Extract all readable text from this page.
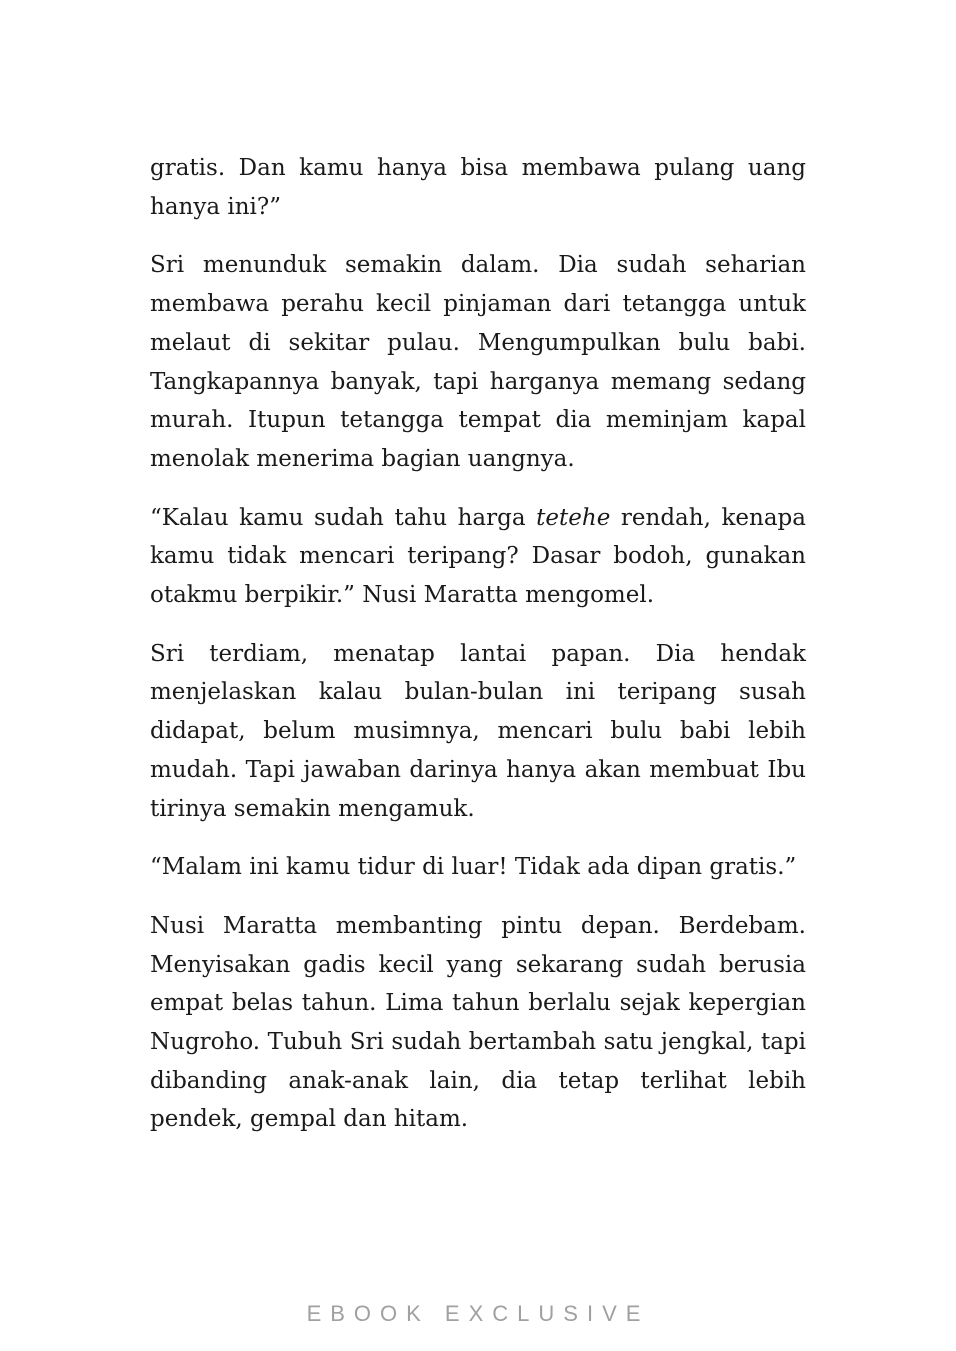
gratis. Dan kamu hanya bisa membawa pulang uang hanya ini?”

Sri menunduk semakin dalam. Dia sudah seharian membawa perahu kecil pinjaman dari tetangga untuk melaut di sekitar pulau. Mengumpulkan bulu babi. Tangkapannya banyak, tapi harganya memang sedang murah. Itupun tetangga tempat dia meminjam kapal menolak menerima bagian uangnya.

“Kalau kamu sudah tahu harga tetehe rendah, kenapa kamu tidak mencari teripang? Dasar bodoh, gunakan otakmu berpikir.” Nusi Maratta mengomel.

Sri terdiam, menatap lantai papan. Dia hendak menjelaskan kalau bulan-bulan ini teripang susah didapat, belum musimnya, mencari bulu babi lebih mudah. Tapi jawaban darinya hanya akan membuat Ibu tirinya semakin mengamuk.

“Malam ini kamu tidur di luar! Tidak ada dipan gratis.”

Nusi Maratta membanting pintu depan. Berdebam. Menyisakan gadis kecil yang sekarang sudah berusia empat belas tahun. Lima tahun berlalu sejak kepergian Nugroho. Tubuh Sri sudah bertambah satu jengkal, tapi dibanding anak-anak lain, dia tetap terlihat lebih pendek, gempal dan hitam.

EBOOK EXCLUSIVE
